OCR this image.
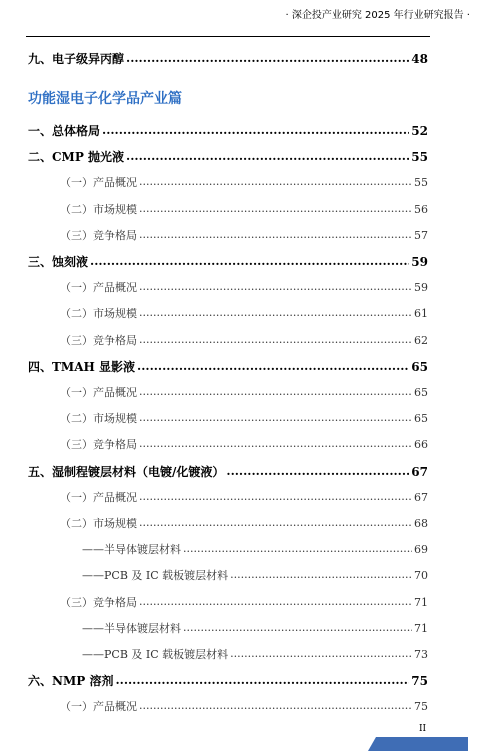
· 深企投产业研究 2025 年行业研究报告 ·
九、电子级异丙醇 .....	48
功能湿电子化学品产业篇
一、总体格局 .....	52
二、CMP 抛光液 .....	55
（一）产品概况 .....	55
（二）市场规模 .....	56
（三）竞争格局 .....	57
三、蚀刻液 .....	59
（一）产品概况 .....	59
（二）市场规模 .....	61
（三）竞争格局 .....	62
四、TMAH 显影液 .....	65
（一）产品概况 .....	65
（二）市场规模 .....	65
（三）竞争格局 .....	66
五、湿制程镀层材料（电镀/化镀液） .....	67
（一）产品概况 .....	67
（二）市场规模 .....	68
——半导体镀层材料 .....	69
——PCB 及 IC 载板镀层材料 .....	70
（三）竞争格局 .....	71
——半导体镀层材料 .....	71
——PCB 及 IC 载板镀层材料 .....	73
六、NMP 溶剂 .....	75
（一）产品概况 .....	75
II
